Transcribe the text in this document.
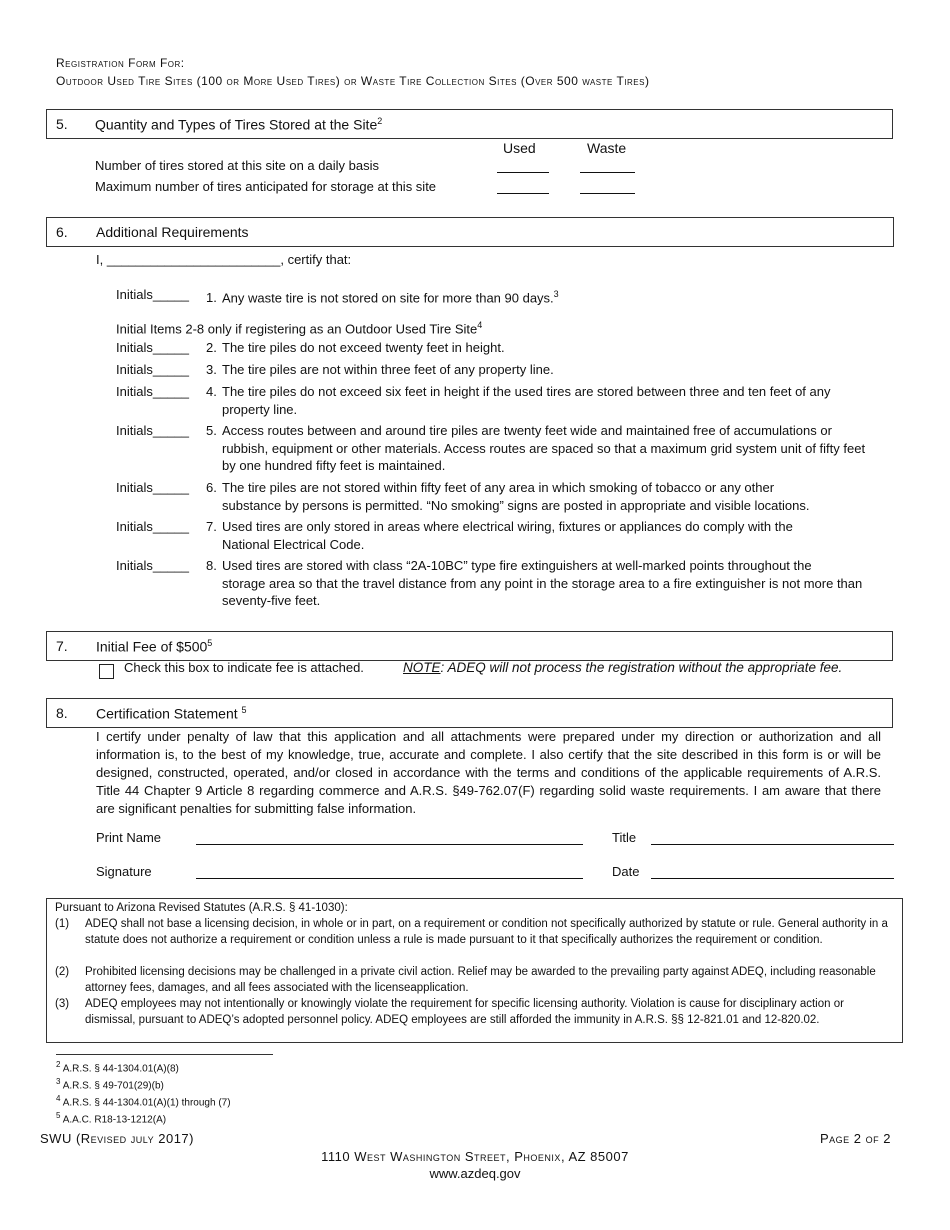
Registration Form For:
Outdoor Used Tire Sites (100 or More Used Tires) or Waste Tire Collection Sites (Over 500 waste Tires)
5. Quantity and Types of Tires Stored at the Site$^2$
Used	Waste
Number of tires stored at this site on a daily basis
Maximum number of tires anticipated for storage at this site
6. Additional Requirements
I, ________________________, certify that:
Initials_____ 1. Any waste tire is not stored on site for more than 90 days.$^3$
Initial Items 2-8 only if registering as an Outdoor Used Tire Site$^4$
Initials_____ 2. The tire piles do not exceed twenty feet in height.
Initials_____ 3. The tire piles are not within three feet of any property line.
Initials_____ 4. The tire piles do not exceed six feet in height if the used tires are stored between three and ten feet of any
property line.
Initials_____ 5. Access routes between and around tire piles are twenty feet wide and maintained free of accumulations or
rubbish, equipment or other materials. Access routes are spaced so that a maximum grid system unit of fifty feet by one hundred fifty feet is maintained.
Initials_____ 6. The tire piles are not stored within fifty feet of any area in which smoking of tobacco or any other
substance by persons is permitted. “No smoking” signs are posted in appropriate and visible locations.
Initials_____ 7. Used tires are only stored in areas where electrical wiring, fixtures or appliances do comply with the
National Electrical Code.
Initials_____ 8. Used tires are stored with class “2A-10BC” type fire extinguishers at well-marked points throughout the
storage area so that the travel distance from any point in the storage area to a fire extinguisher is not more than seventy-five feet.
7. Initial Fee of $\$500^5$
Check this box to indicate fee is attached.	NOTE: ADEQ will not process the registration without the appropriate fee.
8. Certification Statement $^5$
I certify under penalty of law that this application and all attachments were prepared under my direction or authorization and all information is, to the best of my knowledge, true, accurate and complete. I also certify that the site described in this form is or will be designed, constructed, operated, and/or closed in accordance with the terms and conditions of the applicable requirements of A.R.S. Title 44 Chapter 9 Article 8 regarding commerce and A.R.S. §49-762.07(F) regarding solid waste requirements. I am aware that there are significant penalties for submitting false information.
Print Name	Title
Signature	Date
Pursuant to Arizona Revised Statutes (A.R.S. § 41-1030):
(1) ADEQ shall not base a licensing decision, in whole or in part, on a requirement or condition not specifically authorized by statute or rule. General authority in a statute does not authorize a requirement or condition unless a rule is made pursuant to it that specifically authorizes the requirement or condition.
(2) Prohibited licensing decisions may be challenged in a private civil action. Relief may be awarded to the prevailing party against ADEQ, including reasonable attorney fees, damages, and all fees associated with the licenseapplication.
(3) ADEQ employees may not intentionally or knowingly violate the requirement for specific licensing authority. Violation is cause for disciplinary action or dismissal, pursuant to ADEQ’s adopted personnel policy. ADEQ employees are still afforded the immunity in A.R.S. §§ 12-821.01 and 12-820.02.
$^2$ A.R.S. § 44-1304.01(A)(8)
$^3$ A.R.S. § 49-701(29)(b)
$^4$ A.R.S. § 44-1304.01(A)(1) through (7)
$^5$ A.A.C. R18-13-1212(A)
SWU (Revised july 2017)	Page 2 of 2
1110 West Washington Street, Phoenix, AZ 85007
www.azdeq.gov
